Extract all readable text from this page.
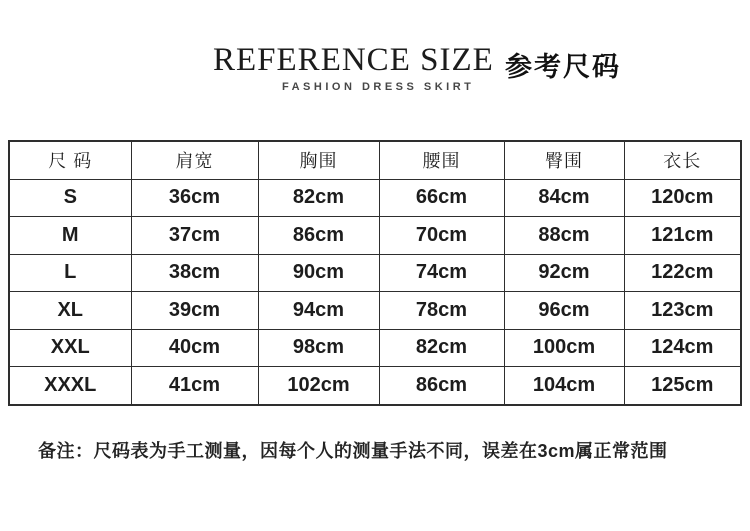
REFERENCE SIZE
FASHION DRESS SKIRT
参考尺码
尺 码	肩宽	胸围	腰围	臀围	衣长
S	36cm	82cm	66cm	84cm	120cm
M	37cm	86cm	70cm	88cm	121cm
L	38cm	90cm	74cm	92cm	122cm
XL	39cm	94cm	78cm	96cm	123cm
XXL	40cm	98cm	82cm	100cm	124cm
XXXL	41cm	102cm	86cm	104cm	125cm
备注：尺码表为手工测量，因每个人的测量手法不同，误差在3cm属正常范围
